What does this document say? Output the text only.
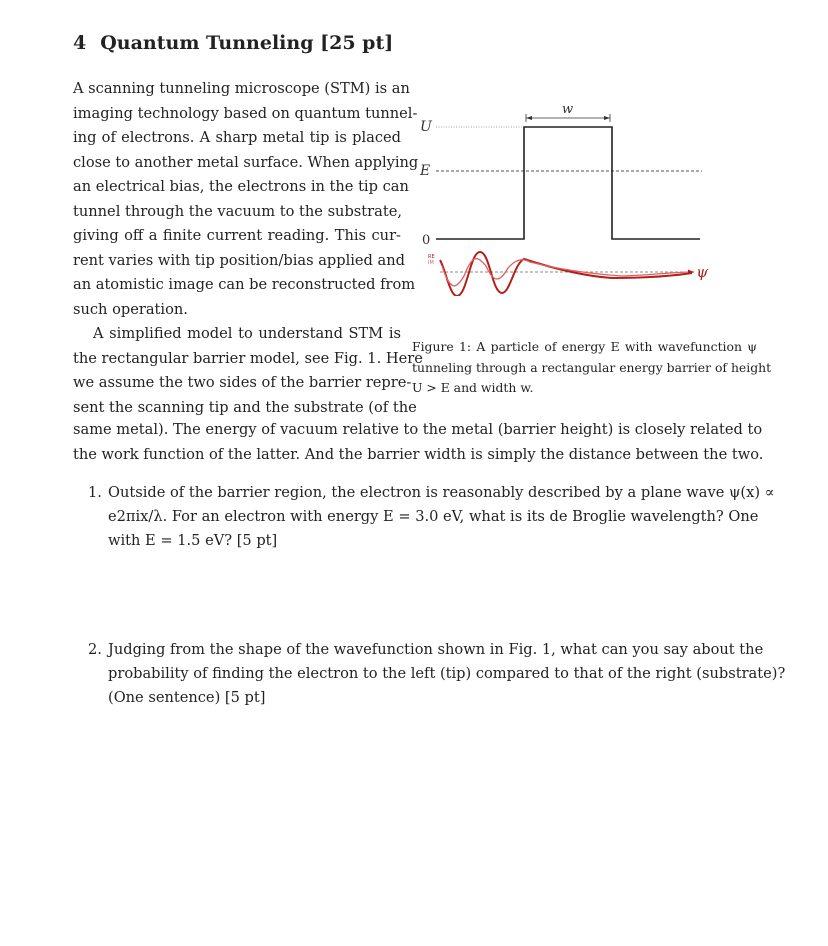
4 Quantum Tunneling [25 pt]
A scanning tunneling microscope (STM) is an
imaging technology based on quantum tunnel-
ing of electrons. A sharp metal tip is placed
close to another metal surface. When applying
an electrical bias, the electrons in the tip can
tunnel through the vacuum to the substrate,
giving off a finite current reading. This cur-
rent varies with tip position/bias applied and
an atomistic image can be reconstructed from
such operation.
A simplified model to understand STM is
the rectangular barrier model, see Fig. 1. Here
we assume the two sides of the barrier repre-
sent the scanning tip and the substrate (of the
same metal). The energy of vacuum relative to the metal (barrier height) is closely related to
the work function of the latter. And the barrier width is simply the distance between the two.
U
E
0
w
RE
IM	ψ
Figure 1: A particle of energy E with wavefunction ψ
tunneling through a rectangular energy barrier of height
U > E and width w.
1. Outside of the barrier region, the electron is reasonably described by a plane wave ψ(x) ∝
e2πix/λ. For an electron with energy E = 3.0 eV, what is its de Broglie wavelength? One
with E = 1.5 eV? [5 pt]
2. Judging from the shape of the wavefunction shown in Fig. 1, what can you say about the
probability of finding the electron to the left (tip) compared to that of the right (substrate)?
(One sentence) [5 pt]
